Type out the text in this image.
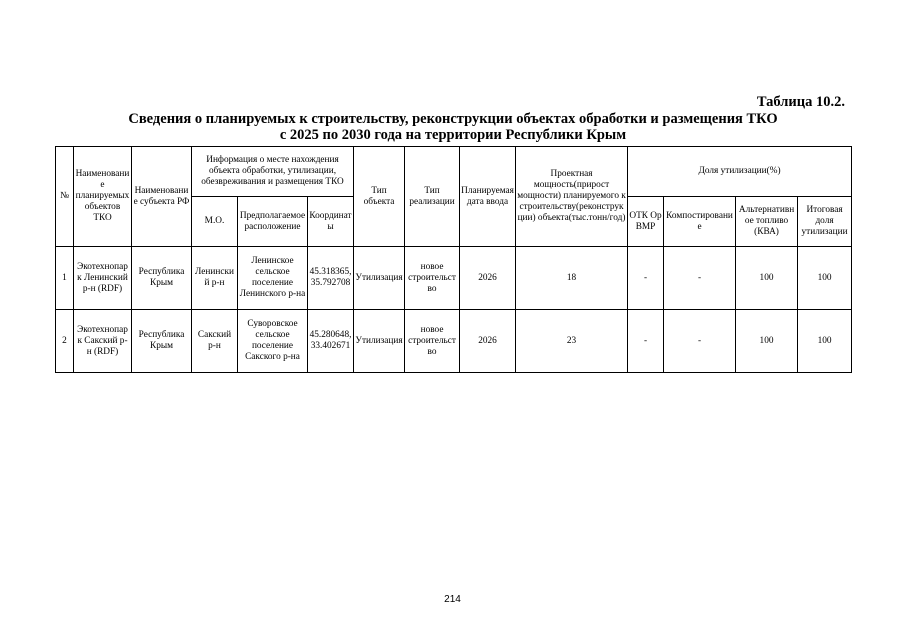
Таблица 10.2.
Сведения о планируемых к строительству, реконструкции объектах обработки и размещения ТКО
с 2025 по 2030 года на территории Республики Крым
№	Наименование планируемых объектов ТКО	Наименование субъекта РФ	Информация о месте нахождения объекта обработки, утилизации, обезвреживания и размещения ТКО			Тип объекта	Тип реализации	Планируемая дата ввода	Проектная мощность(прирост мощности) планируемого к строительству(реконструкции) объекта(тыс.тонн/год)	Доля утилизации(%)			
			М.О.	Предполагаемое расположение	Координаты					ОТК Ор ВМР	Компостирование	Альтернативное топливо (КВА)	Итоговая доля утилизации
1	Экотехнопарк Ленинский р-н (RDF)	Республика Крым	Ленинский р-н	Ленинское сельское поселение Ленинского р-на	45.318365, 35.792708	Утилизация	новое строительство	2026	18	-	-	100	100
2	Экотехнопарк Сакский р-н (RDF)	Республика Крым	Сакский р-н	Суворовское сельское поселение Сакского р-на	45.280648, 33.402671	Утилизация	новое строительство	2026	23	-	-	100	100
214
